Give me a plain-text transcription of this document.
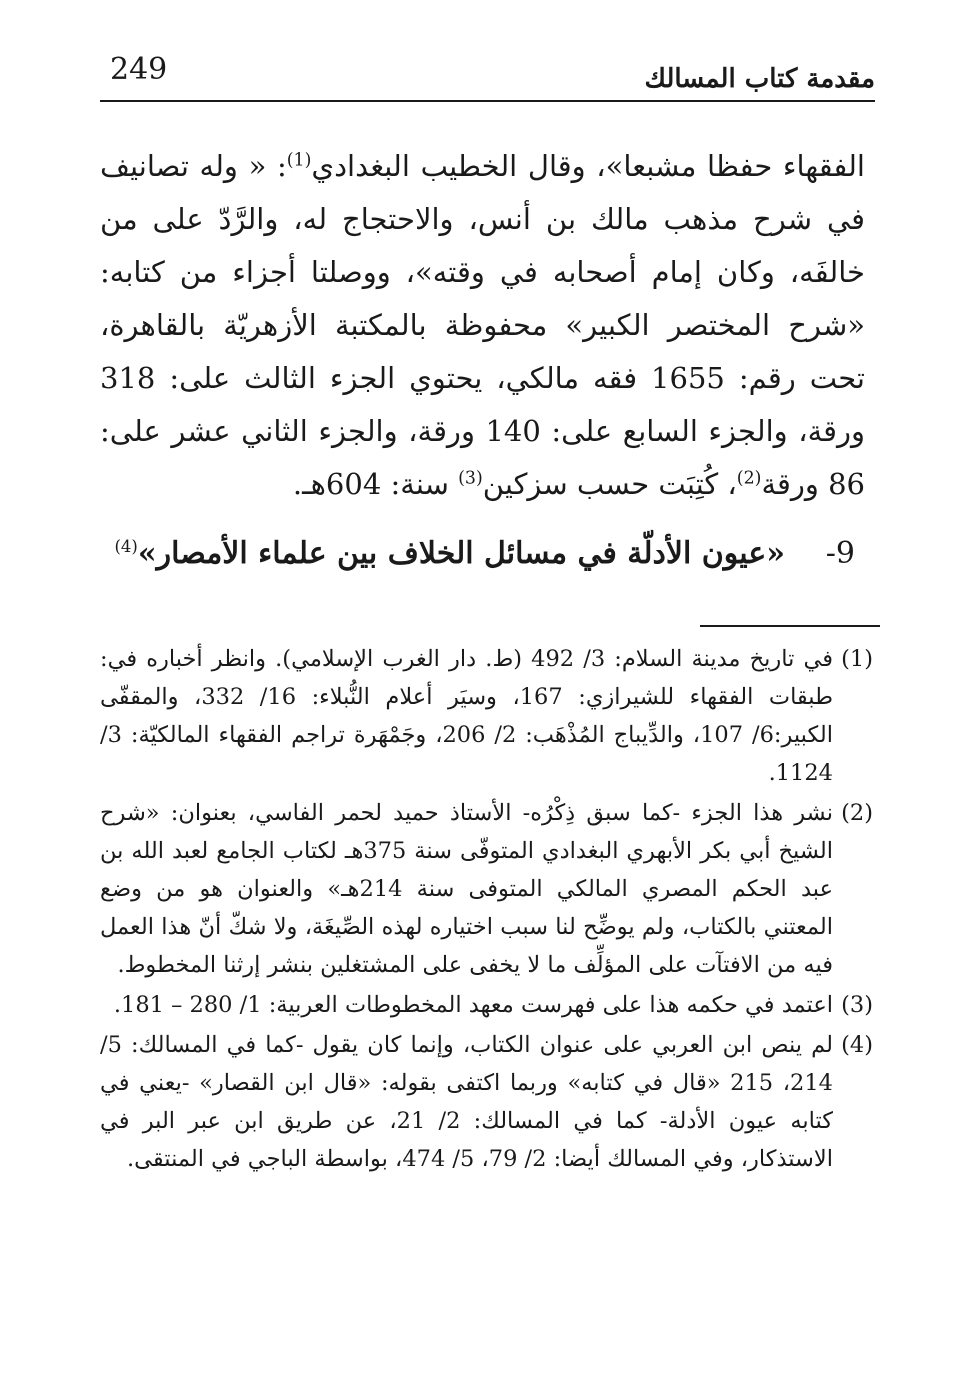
249	مقدمة كتاب المسالك
الفقهاء حفظا مشبعا»، وقال الخطيب البغدادي$^{(1)}$: « وله تصانيف في شرح مذهب مالك بن أنس، والاحتجاج له، والرَّدّ على من خالفَه، وكان إمام أصحابه في وقته»، ووصلتا أجزاء من كتابه: «شرح المختصر الكبير» محفوظة بالمكتبة الأزهريّة بالقاهرة، تحت رقم: 1655 فقه مالكي، يحتوي الجزء الثالث على: 318 ورقة، والجزء السابع على: 140 ورقة، والجزء الثاني عشر على: 86 ورقة$^{(2)}$، كُتِبَت حسب سزكين$^{(3)}$ سنة: 604هـ.
9-«عيون الأدلّة في مسائل الخلاف بين علماء الأمصار»$^{(4)}$
(1)
في تاريخ مدينة السلام: 3/ 492 (ط. دار الغرب الإسلامي). وانظر أخباره في: طبقات الفقهاء للشيرازي: 167، وسيَر أعلام النُّبلاء: 16/ 332، والمقفّى الكبير:6/ 107، والدِّيباج المُذْهَب: 2/ 206، وجَمْهَرة تراجم الفقهاء المالكيّة: 3/ 1124.
(2)
نشر هذا الجزء -كما سبق ذِكْرُه- الأستاذ حميد لحمر الفاسي، بعنوان: «شرح الشيخ أبي بكر الأبهري البغدادي المتوفّى سنة 375هـ لكتاب الجامع لعبد الله بن عبد الحكم المصري المالكي المتوفى سنة 214هـ» والعنوان هو من وضع المعتني بالكتاب، ولم يوضِّح لنا سبب اختياره لهذه الصِّيغَة، ولا شكّ أنّ هذا العمل فيه من الافتآت على المؤلِّف ما لا يخفى على المشتغلين بنشر إرثنا المخطوط.
(3)
اعتمد في حكمه هذا على فهرست معهد المخطوطات العربية: 1/ 280 – 181.
(4)
لم ينص ابن العربي على عنوان الكتاب، وإنما كان يقول -كما في المسالك: 5/ 214، 215 «قال في كتابه» وربما اكتفى بقوله: «قال ابن القصار» -يعني في كتابه عيون الأدلة- كما في المسالك: 2/ 21، عن طريق ابن عبر البر في الاستذكار، وفي المسالك أيضا: 2/ 79، 5/ 474، بواسطة الباجي في المنتقى.
